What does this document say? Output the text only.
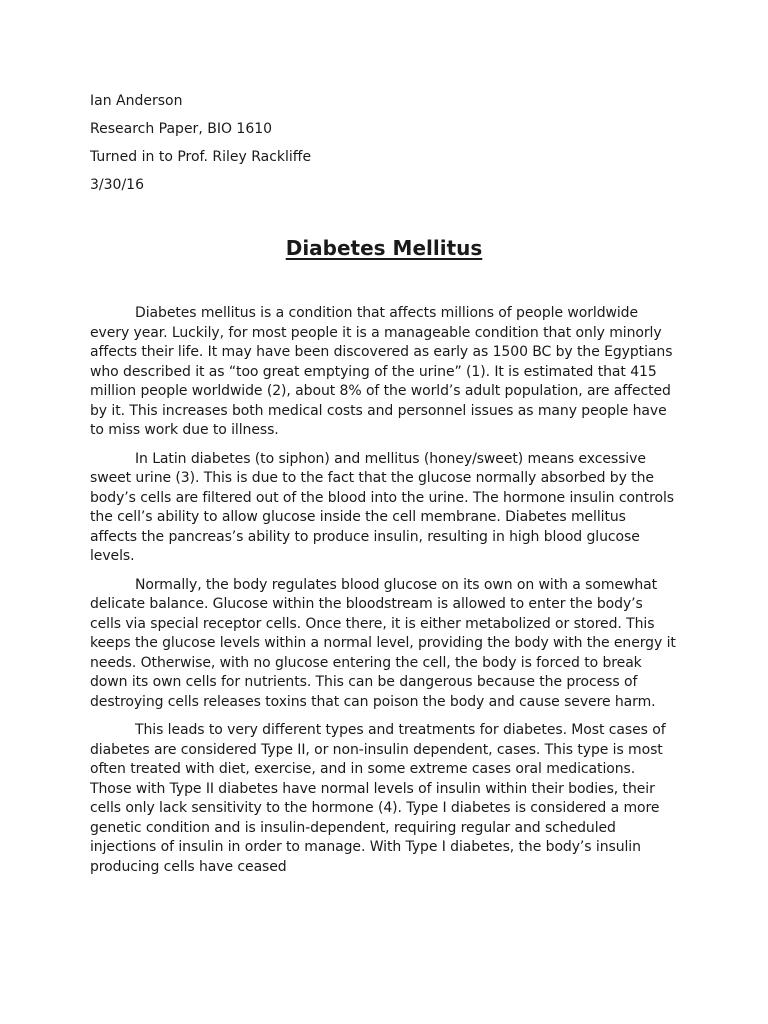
Ian Anderson
Research Paper, BIO 1610
Turned in to Prof. Riley Rackliffe
3/30/16
Diabetes Mellitus

Diabetes mellitus is a condition that affects millions of people worldwide every year. Luckily, for most people it is a manageable condition that only minorly affects their life. It may have been discovered as early as 1500 BC by the Egyptians who described it as “too great emptying of the urine” (1). It is estimated that 415 million people worldwide (2), about 8% of the world’s adult population, are affected by it. This increases both medical costs and personnel issues as many people have to miss work due to illness.

In Latin diabetes (to siphon) and mellitus (honey/sweet) means excessive sweet urine (3). This is due to the fact that the glucose normally absorbed by the body’s cells are filtered out of the blood into the urine. The hormone insulin controls the cell’s ability to allow glucose inside the cell membrane. Diabetes mellitus affects the pancreas’s ability to produce insulin, resulting in high blood glucose levels.

Normally, the body regulates blood glucose on its own on with a somewhat delicate balance. Glucose within the bloodstream is allowed to enter the body’s cells via special receptor cells. Once there, it is either metabolized or stored. This keeps the glucose levels within a normal level, providing the body with the energy it needs. Otherwise, with no glucose entering the cell, the body is forced to break down its own cells for nutrients. This can be dangerous because the process of destroying cells releases toxins that can poison the body and cause severe harm.

This leads to very different types and treatments for diabetes. Most cases of diabetes are considered Type II, or non-insulin dependent, cases. This type is most often treated with diet, exercise, and in some extreme cases oral medications. Those with Type II diabetes have normal levels of insulin within their bodies, their cells only lack sensitivity to the hormone (4). Type I diabetes is considered a more genetic condition and is insulin-dependent, requiring regular and scheduled injections of insulin in order to manage. With Type I diabetes, the body’s insulin producing cells have ceased
